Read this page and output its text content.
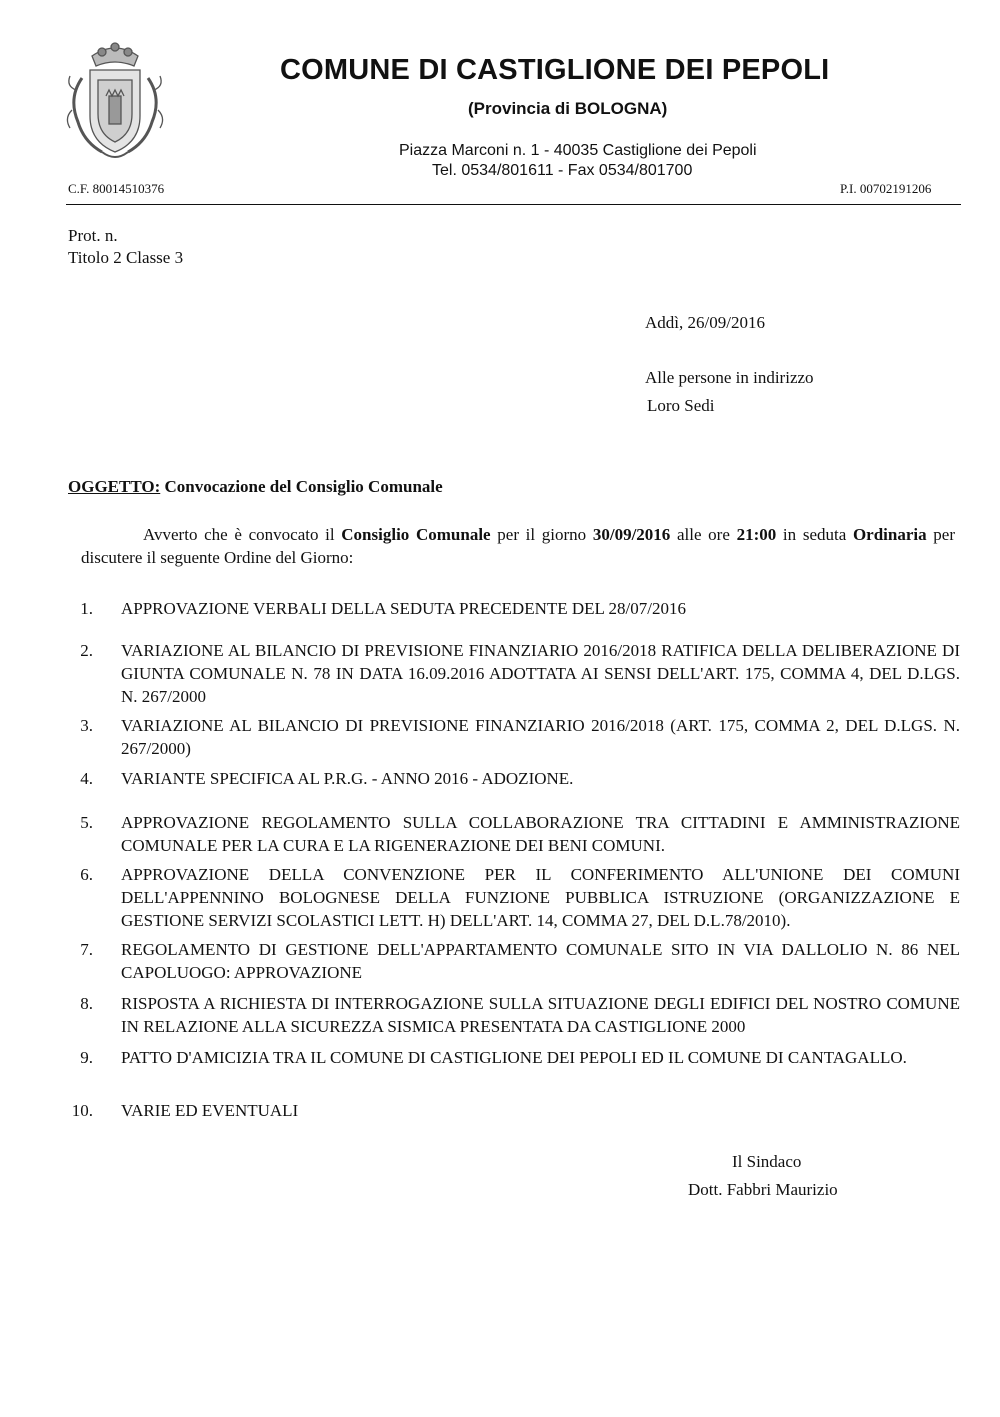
COMUNE DI CASTIGLIONE DEI PEPOLI
(Provincia di BOLOGNA)
Piazza Marconi n. 1 - 40035 Castiglione dei Pepoli
Tel. 0534/801611 - Fax 0534/801700
C.F. 80014510376	P.I. 00702191206
Prot. n.
Titolo 2 Classe 3
Addì, 26/09/2016
Alle persone in indirizzo
Loro Sedi
OGGETTO: Convocazione del Consiglio Comunale
Avverto che è convocato il Consiglio Comunale per il giorno 30/09/2016 alle ore 21:00 in seduta Ordinaria per discutere il seguente Ordine del Giorno:
1. APPROVAZIONE VERBALI DELLA SEDUTA PRECEDENTE DEL 28/07/2016
2. VARIAZIONE AL BILANCIO DI PREVISIONE FINANZIARIO 2016/2018 RATIFICA DELLA DELIBERAZIONE DI GIUNTA COMUNALE N. 78 IN DATA 16.09.2016 ADOTTATA AI SENSI DELL'ART. 175, COMMA 4, DEL D.LGS. N. 267/2000
3. VARIAZIONE AL BILANCIO DI PREVISIONE FINANZIARIO 2016/2018 (ART. 175, COMMA 2, DEL D.LGS. N. 267/2000)
4. VARIANTE SPECIFICA AL P.R.G. - ANNO 2016 - ADOZIONE.
5. APPROVAZIONE REGOLAMENTO SULLA COLLABORAZIONE TRA CITTADINI E AMMINISTRAZIONE COMUNALE PER LA CURA E LA RIGENERAZIONE DEI BENI COMUNI.
6. APPROVAZIONE DELLA CONVENZIONE PER IL CONFERIMENTO ALL'UNIONE DEI COMUNI DELL'APPENNINO BOLOGNESE DELLA FUNZIONE PUBBLICA ISTRUZIONE (ORGANIZZAZIONE E GESTIONE SERVIZI SCOLASTICI LETT. H) DELL'ART. 14, COMMA 27, DEL D.L.78/2010).
7. REGOLAMENTO DI GESTIONE DELL'APPARTAMENTO COMUNALE SITO IN VIA DALLOLIO N. 86 NEL CAPOLUOGO: APPROVAZIONE
8. RISPOSTA A RICHIESTA DI INTERROGAZIONE SULLA SITUAZIONE DEGLI EDIFICI DEL NOSTRO COMUNE IN RELAZIONE ALLA SICUREZZA SISMICA PRESENTATA DA CASTIGLIONE 2000
9. PATTO D'AMICIZIA TRA IL COMUNE DI CASTIGLIONE DEI PEPOLI ED IL COMUNE DI CANTAGALLO.
10. VARIE ED EVENTUALI
Il Sindaco
Dott. Fabbri Maurizio
